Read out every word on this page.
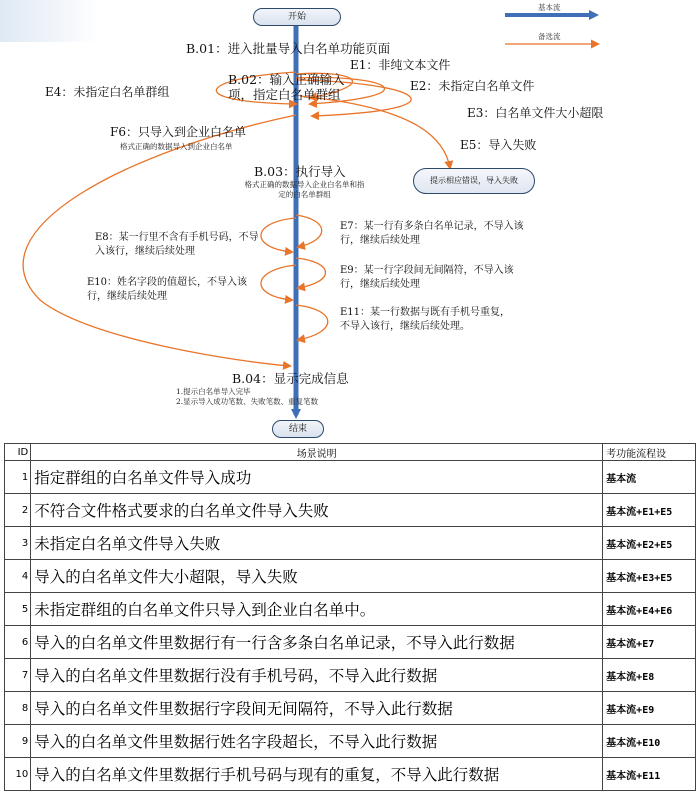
基本流
备选流
开始
结束
B.01：进入批量导入白名单功能页面
B.02：输入正确输入项，指定白名单群组
B.03：执行导入
格式正确的数据导入企业白名单和指定的白名单群组
B.04：显示完成信息
1.提示白名单导入完毕
2.显示导入成功笔数、失败笔数、重复笔数
E1：非纯文本文件
E2：未指定白名单文件
E3：白名单文件大小超限
E4：未指定白名单群组
E5：导入失败
提示相应错误，导入失败
F6：只导入到企业白名单
格式正确的数据导入到企业白名单
E7：某一行有多条白名单记录，不导入该行，继续后续处理
E8：某一行里不含有手机号码，不导入该行，继续后续处理
E9：某一行字段间无间隔符，不导入该行，继续后续处理
E10：姓名字段的值超长，不导入该行，继续后续处理
E11：某一行数据与既有手机号重复，不导入该行，继续后续处理。
ID	场景说明	考功能流程设
1	指定群组的白名单文件导入成功	基本流
2	不符合文件格式要求的白名单文件导入失败	基本流+E1+E5
3	未指定白名单文件导入失败	基本流+E2+E5
4	导入的白名单文件大小超限，导入失败	基本流+E3+E5
5	未指定群组的白名单文件只导入到企业白名单中。	基本流+E4+E6
6	导入的白名单文件里数据行有一行含多条白名单记录，不导入此行数据	基本流+E7
7	导入的白名单文件里数据行没有手机号码，不导入此行数据	基本流+E8
8	导入的白名单文件里数据行字段间无间隔符，不导入此行数据	基本流+E9
9	导入的白名单文件里数据行姓名字段超长，不导入此行数据	基本流+E10
10	导入的白名单文件里数据行手机号码与现有的重复，不导入此行数据	基本流+E11
